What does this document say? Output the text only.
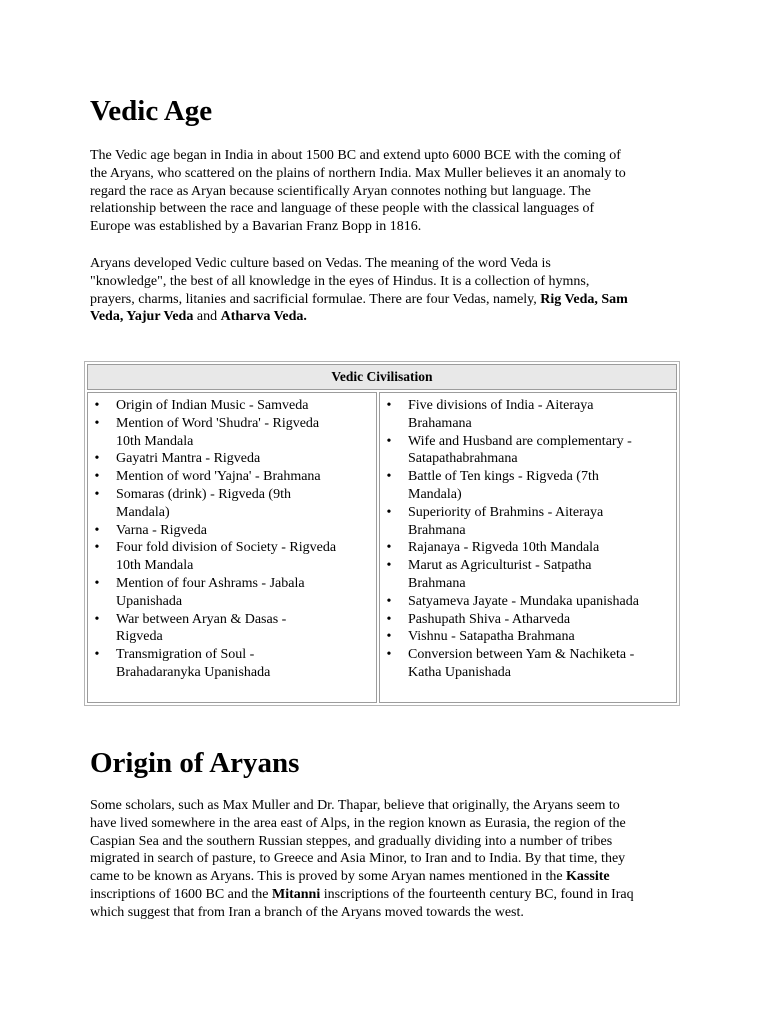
Vedic Age

The Vedic age began in India in about 1500 BC and extend upto 6000 BCE with the coming of
the Aryans, who scattered on the plains of northern India. Max Muller believes it an anomaly to
regard the race as Aryan because scientifically Aryan connotes nothing but language. The
relationship between the race and language of these people with the classical languages of
Europe was established by a Bavarian Franz Bopp in 1816.

Aryans developed Vedic culture based on Vedas. The meaning of the word Veda is
"knowledge", the best of all knowledge in the eyes of Hindus. It is a collection of hymns,
prayers, charms, litanies and sacrificial formulae. There are four Vedas, namely, Rig Veda, Sam
Veda, Yajur Veda and Atharva Veda.

Vedic Civilisation
• Origin of Indian Music - Samveda
• Mention of Word 'Shudra' - Rigveda
10th Mandala
• Gayatri Mantra - Rigveda
• Mention of word 'Yajna' - Brahmana
• Somaras (drink) - Rigveda (9th
Mandala)
• Varna - Rigveda
• Four fold division of Society - Rigveda
10th Mandala
• Mention of four Ashrams - Jabala
Upanishada
• War between Aryan & Dasas -
Rigveda
• Transmigration of Soul -
Brahadaranyka Upanishada
• Five divisions of India - Aiteraya
Brahamana
• Wife and Husband are complementary -
Satapathabrahmana
• Battle of Ten kings - Rigveda (7th
Mandala)
• Superiority of Brahmins - Aiteraya
Brahmana
• Rajanaya - Rigveda 10th Mandala
• Marut as Agriculturist - Satpatha
Brahmana
• Satyameva Jayate - Mundaka upanishada
• Pashupath Shiva - Atharveda
• Vishnu - Satapatha Brahmana
• Conversion between Yam & Nachiketa -
Katha Upanishada
Origin of Aryans

Some scholars, such as Max Muller and Dr. Thapar, believe that originally, the Aryans seem to
have lived somewhere in the area east of Alps, in the region known as Eurasia, the region of the
Caspian Sea and the southern Russian steppes, and gradually dividing into a number of tribes
migrated in search of pasture, to Greece and Asia Minor, to Iran and to India. By that time, they
came to be known as Aryans. This is proved by some Aryan names mentioned in the Kassite
inscriptions of 1600 BC and the Mitanni inscriptions of the fourteenth century BC, found in Iraq
which suggest that from Iran a branch of the Aryans moved towards the west.
